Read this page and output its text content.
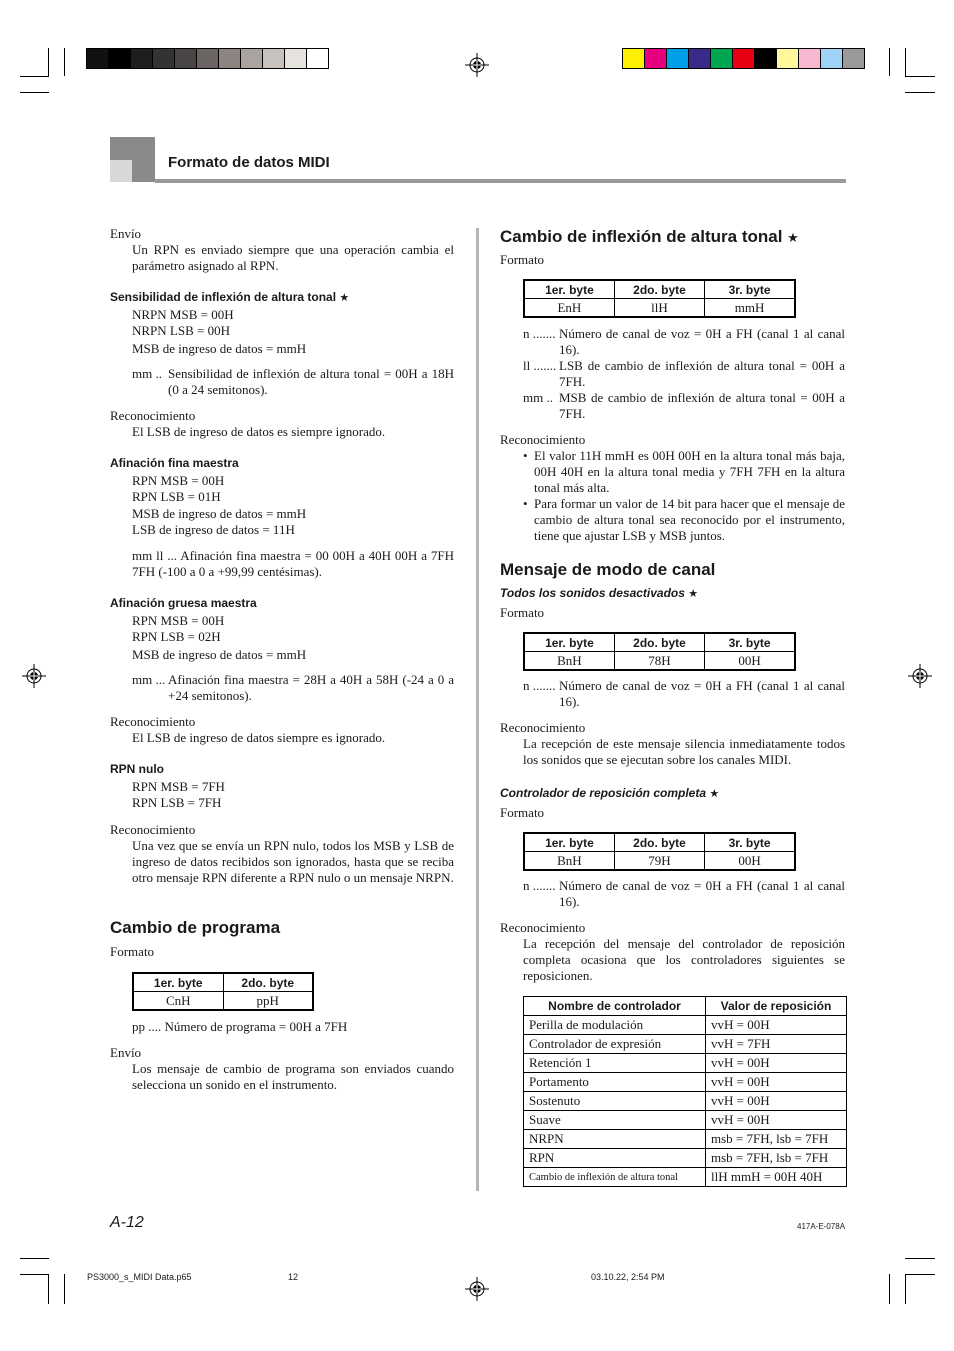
Formato de datos MIDI
Envío
Un RPN es enviado siempre que una operación cambia el parámetro asignado al RPN.
Sensibilidad de inflexión de altura tonal ★
NRPN MSB = 00H
NRPN LSB = 00H
MSB de ingreso de datos = mmH
mm .. Sensibilidad de inflexión de altura tonal = 00H a 18H (0 a 24 semitonos).
Reconocimiento
El LSB de ingreso de datos es siempre ignorado.
Afinación fina maestra
RPN MSB = 00H
RPN LSB = 01H
MSB de ingreso de datos = mmH
LSB de ingreso de datos = 11H
mm ll ... Afinación fina maestra = 00 00H a 40H 00H a 7FH 7FH (-100 a 0 a +99,99 centésimas).
Afinación gruesa maestra
RPN MSB = 00H
RPN LSB = 02H
MSB de ingreso de datos = mmH
mm ... Afinación fina maestra = 28H a 40H a 58H (-24 a 0 a +24 semitonos).
Reconocimiento
El LSB de ingreso de datos siempre es ignorado.
RPN nulo
RPN MSB = 7FH
RPN LSB = 7FH
Reconocimiento
Una vez que se envía un RPN nulo, todos los MSB y LSB de ingreso de datos recibidos son ignorados, hasta que se reciba otro mensaje RPN diferente a RPN nulo o un mensaje NRPN.
Cambio de programa
Formato
1er. byte	2do. byte
CnH	ppH
pp .... Número de programa = 00H a 7FH
Envío
Los mensaje de cambio de programa son enviados cuando selecciona un sonido en el instrumento.
Cambio de inflexión de altura tonal ★
Formato
1er. byte	2do. byte	3r. byte
EnH	llH	mmH
n ....... Número de canal de voz = 0H a FH (canal 1 al canal 16).
ll ....... LSB de cambio de inflexión de altura tonal = 00H a 7FH.
mm .. MSB de cambio de inflexión de altura tonal = 00H a 7FH.
Reconocimiento
• El valor 11H mmH es 00H 00H en la altura tonal más baja, 00H 40H en la altura tonal media y 7FH 7FH en la altura tonal más alta.
• Para formar un valor de 14 bit para hacer que el mensaje de cambio de altura tonal sea reconocido por el instrumento, tiene que ajustar LSB y MSB juntos.
Mensaje de modo de canal
Todos los sonidos desactivados ★
Formato
1er. byte	2do. byte	3r. byte
BnH	78H	00H
n ....... Número de canal de voz = 0H a FH (canal 1 al canal 16).
Reconocimiento
La recepción de este mensaje silencia inmediatamente todos los sonidos que se ejecutan sobre los canales MIDI.
Controlador de reposición completa ★
Formato
1er. byte	2do. byte	3r. byte
BnH	79H	00H
n ....... Número de canal de voz = 0H a FH (canal 1 al canal 16).
Reconocimiento
La recepción del mensaje del controlador de reposición completa ocasiona que los controladores siguientes se reposicionen.
Nombre de controlador	Valor de reposición
Perilla de modulación	vvH = 00H
Controlador de expresión	vvH = 7FH
Retención 1	vvH = 00H
Portamento	vvH = 00H
Sostenuto	vvH = 00H
Suave	vvH = 00H
NRPN	msb = 7FH, lsb = 7FH
RPN	msb = 7FH, lsb = 7FH
Cambio de inflexión de altura tonal	llH mmH = 00H 40H
A-12	417A-E-078A
PS3000_s_MIDI Data.p65	12	03.10.22, 2:54 PM
